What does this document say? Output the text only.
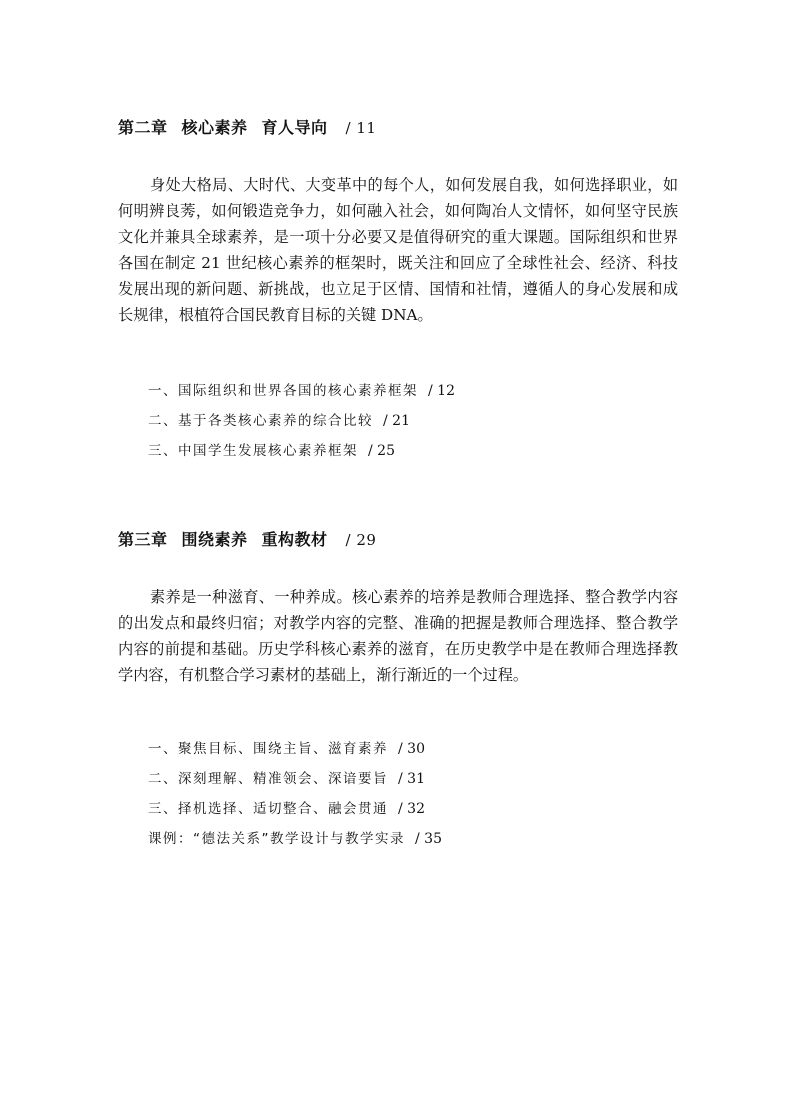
第二章 核心素养 育人导向 / 11

身处大格局、大时代、大变革中的每个人，如何发展自我，如何选择职业，如何明辨良莠，如何锻造竞争力，如何融入社会，如何陶冶人文情怀，如何坚守民族文化并兼具全球素养，是一项十分必要又是值得研究的重大课题。国际组织和世界各国在制定 21 世纪核心素养的框架时，既关注和回应了全球性社会、经济、科技发展出现的新问题、新挑战，也立足于区情、国情和社情，遵循人的身心发展和成长规律，根植符合国民教育目标的关键 DNA。

一、国际组织和世界各国的核心素养框架 / 12
二、基于各类核心素养的综合比较 / 21
三、中国学生发展核心素养框架 / 25
第三章 围绕素养 重构教材 / 29

素养是一种滋育、一种养成。核心素养的培养是教师合理选择、整合教学内容的出发点和最终归宿；对教学内容的完整、准确的把握是教师合理选择、整合教学内容的前提和基础。历史学科核心素养的滋育，在历史教学中是在教师合理选择教学内容，有机整合学习素材的基础上，渐行渐近的一个过程。

一、聚焦目标、围绕主旨、滋育素养 / 30
二、深刻理解、精准领会、深谙要旨 / 31
三、择机选择、适切整合、融会贯通 / 32
课例：“德法关系”教学设计与教学实录 / 35
